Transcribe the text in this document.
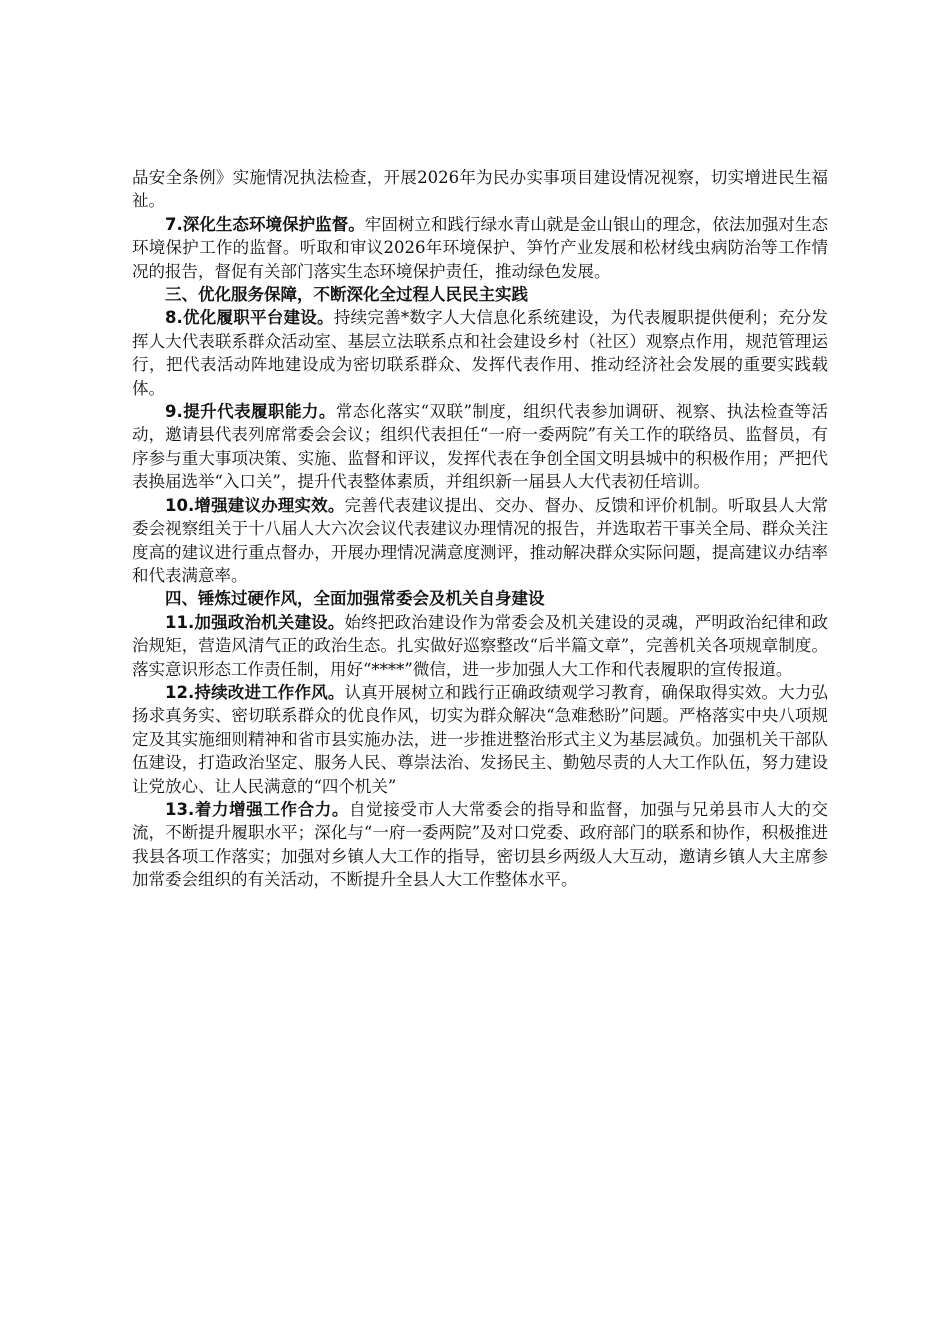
品安全条例》实施情况执法检查，开展2026年为民办实事项目建设情况视察，切实增进民生福祉。

7.深化生态环境保护监督。牢固树立和践行绿水青山就是金山银山的理念，依法加强对生态环境保护工作的监督。听取和审议2026年环境保护、笋竹产业发展和松材线虫病防治等工作情况的报告，督促有关部门落实生态环境保护责任，推动绿色发展。

三、优化服务保障，不断深化全过程人民民主实践

8.优化履职平台建设。持续完善*数字人大信息化系统建设，为代表履职提供便利；充分发挥人大代表联系群众活动室、基层立法联系点和社会建设乡村（社区）观察点作用，规范管理运行，把代表活动阵地建设成为密切联系群众、发挥代表作用、推动经济社会发展的重要实践载体。

9.提升代表履职能力。常态化落实“双联”制度，组织代表参加调研、视察、执法检查等活动，邀请县代表列席常委会会议；组织代表担任“一府一委两院”有关工作的联络员、监督员，有序参与重大事项决策、实施、监督和评议，发挥代表在争创全国文明县城中的积极作用；严把代表换届选举“入口关”，提升代表整体素质，并组织新一届县人大代表初任培训。

10.增强建议办理实效。完善代表建议提出、交办、督办、反馈和评价机制。听取县人大常委会视察组关于十八届人大六次会议代表建议办理情况的报告，并选取若干事关全局、群众关注度高的建议进行重点督办，开展办理情况满意度测评，推动解决群众实际问题，提高建议办结率和代表满意率。

四、锤炼过硬作风，全面加强常委会及机关自身建设

11.加强政治机关建设。始终把政治建设作为常委会及机关建设的灵魂，严明政治纪律和政治规矩，营造风清气正的政治生态。扎实做好巡察整改“后半篇文章”，完善机关各项规章制度。落实意识形态工作责任制，用好“****”微信，进一步加强人大工作和代表履职的宣传报道。

12.持续改进工作作风。认真开展树立和践行正确政绩观学习教育，确保取得实效。大力弘扬求真务实、密切联系群众的优良作风，切实为群众解决“急难愁盼”问题。严格落实中央八项规定及其实施细则精神和省市县实施办法，进一步推进整治形式主义为基层减负。加强机关干部队伍建设，打造政治坚定、服务人民、尊崇法治、发扬民主、勤勉尽责的人大工作队伍，努力建设让党放心、让人民满意的“四个机关”

13.着力增强工作合力。自觉接受市人大常委会的指导和监督，加强与兄弟县市人大的交流，不断提升履职水平；深化与“一府一委两院”及对口党委、政府部门的联系和协作，积极推进我县各项工作落实；加强对乡镇人大工作的指导，密切县乡两级人大互动，邀请乡镇人大主席参加常委会组织的有关活动，不断提升全县人大工作整体水平。
